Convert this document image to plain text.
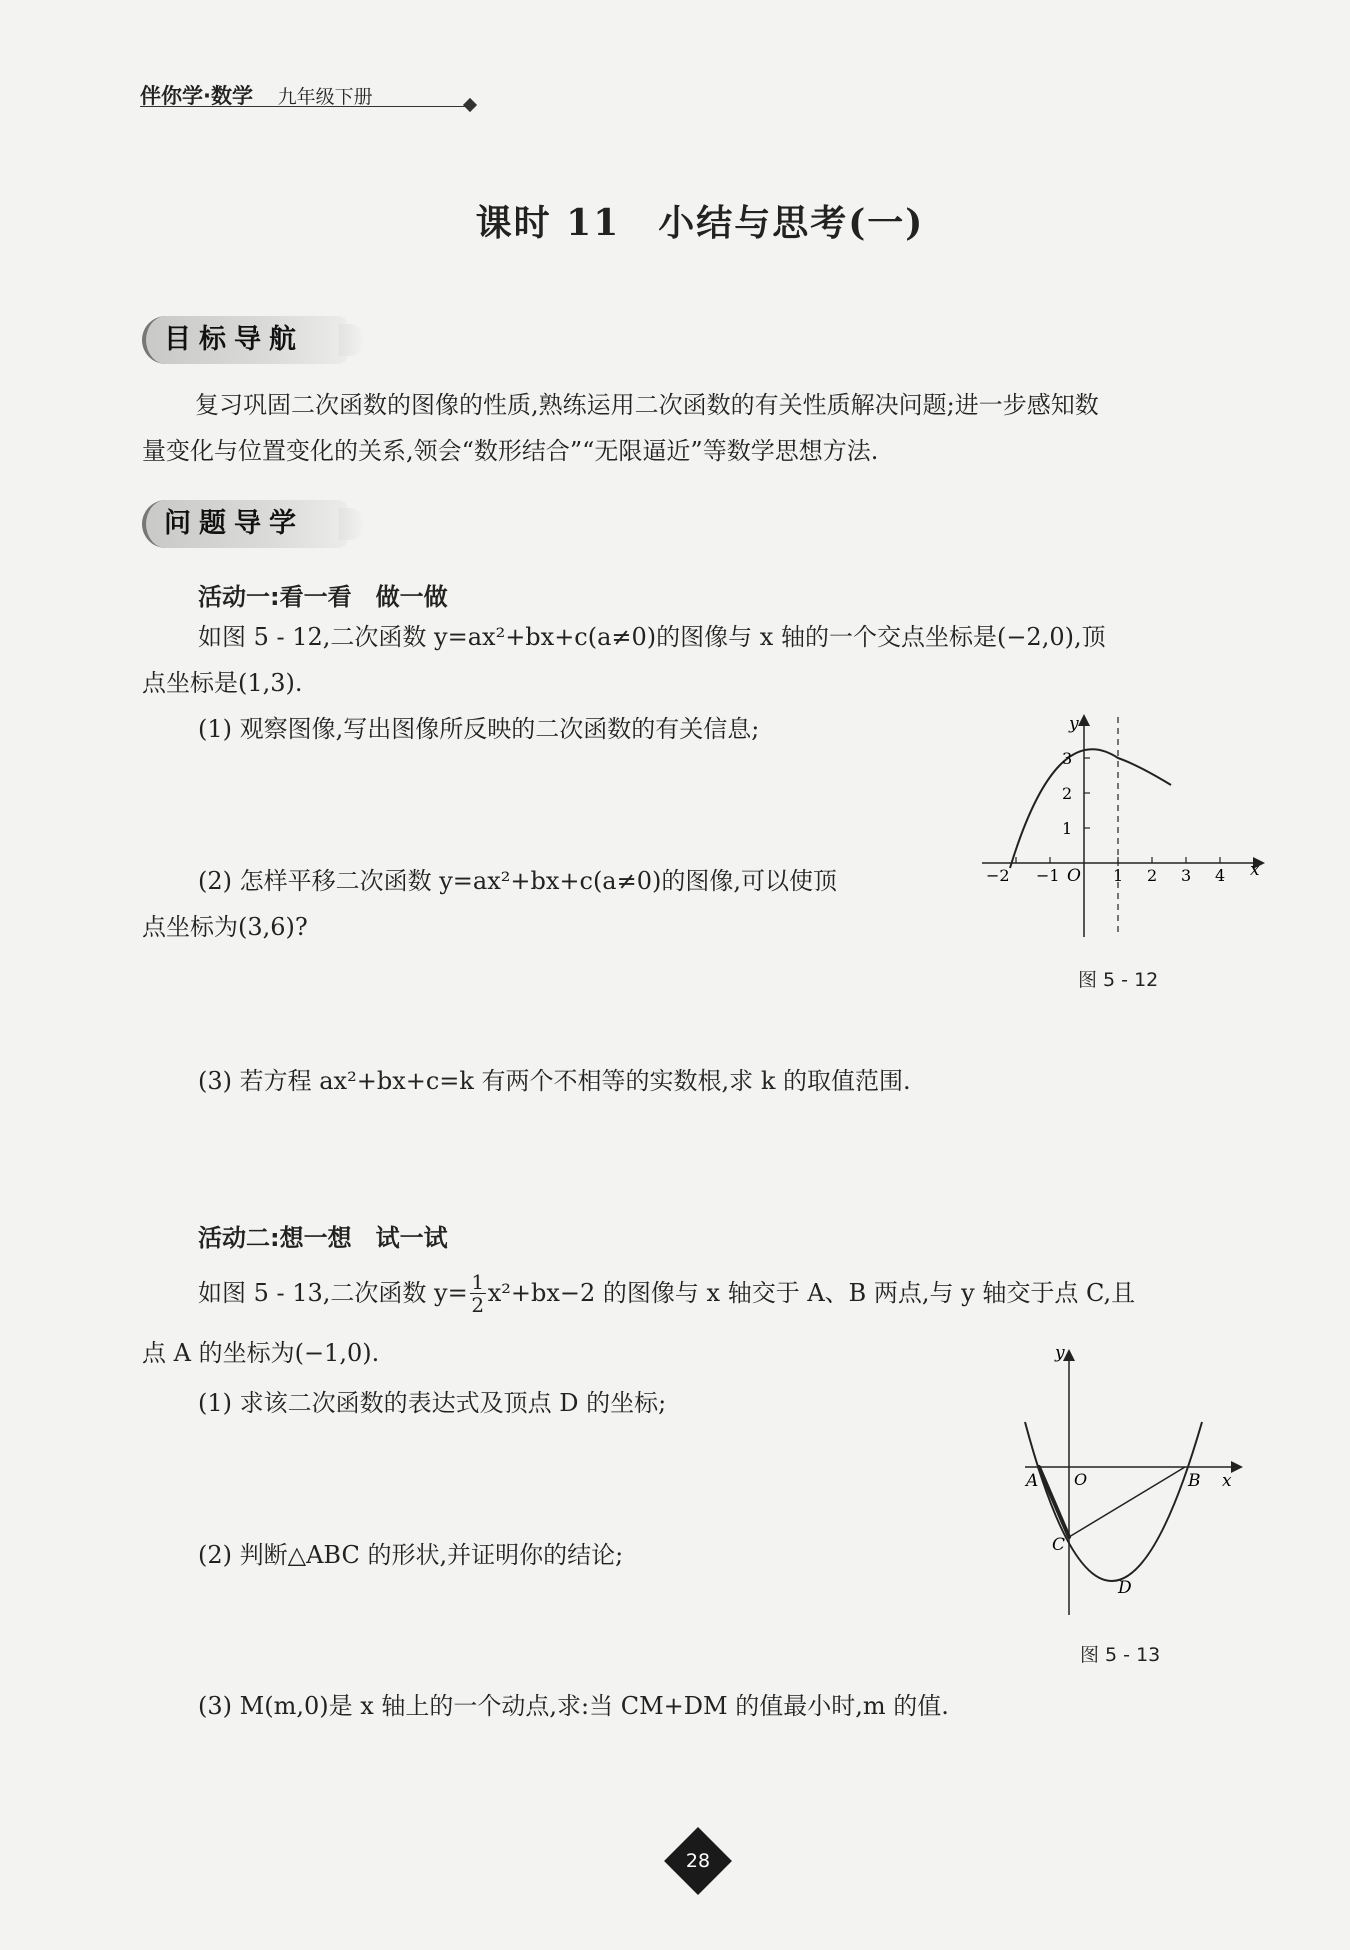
伴你学·数学 九年级下册
课时 11　小结与思考(一)
目标导航
复习巩固二次函数的图像的性质,熟练运用二次函数的有关性质解决问题;进一步感知数
量变化与位置变化的关系,领会“数形结合”“无限逼近”等数学思想方法.
问题导学
活动一:看一看　做一做
如图 5 - 12,二次函数 y=ax²+bx+c(a≠0)的图像与 x 轴的一个交点坐标是(−2,0),顶
点坐标是(1,3).
(1) 观察图像,写出图像所反映的二次函数的有关信息;
(2) 怎样平移二次函数 y=ax²+bx+c(a≠0)的图像,可以使顶
点坐标为(3,6)?
(3) 若方程 ax²+bx+c=k 有两个不相等的实数根,求 k 的取值范围.
y
x
O
1
2
3
−2 −1	1 2 3 4
图 5 - 12
活动二:想一想　试一试
如图 5 - 13,二次函数 y= 1
2 x²+bx−2 的图像与 x 轴交于 A、B 两点,与 y 轴交于点 C,且
点 A 的坐标为(−1,0).
(1) 求该二次函数的表达式及顶点 D 的坐标;
(2) 判断△ABC 的形状,并证明你的结论;
(3) M(m,0)是 x 轴上的一个动点,求:当 CM+DM 的值最小时,m 的值.
y
x
O
A	B
C
D
图 5 - 13
28
